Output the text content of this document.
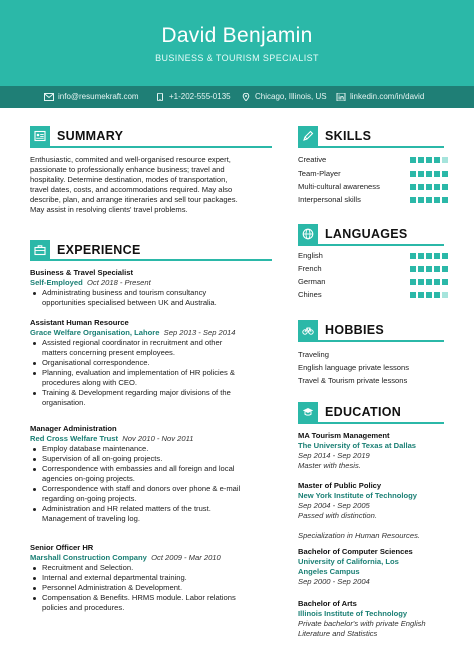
David Benjamin
BUSINESS & TOURISM SPECIALIST
info@resumekraft.com	+1-202-555-0135	Chicago, Illinois, US	linkedin.com/in/david
SUMMARY
Enthusiastic, commited and well-organised resource expert,
passionate to professionally enhance business; travel and
hospitality. Determine destination, modes of transportation,
travel dates, costs, and accommodations required. May also
describe, plan, and arrange itineraries and sell tour packages.
May assist in resolving clients' travel problems.
EXPERIENCE
Business & Travel Specialist
Self-Employed Oct 2018 - Present
Administrating business and tourism consultancy
opportunities specialised between UK and Australia.
Assistant Human Resource
Grace Welfare Organisation, Lahore Sep 2013 - Sep 2014
Assisted regional coordinator in recruitment and other
matters concerning present employees.
Organisational correspondence.
Planning, evaluation and implementation of HR policies &
procedures along with CEO.
Training & Development regarding major divisions of the
organisation.
Manager Administration
Red Cross Welfare Trust Nov 2010 - Nov 2011
Employ database maintenance.
Supervision of all on-going projects.
Correspondence with embassies and all foreign and local
agencies on-going projects.
Correspondence with staff and donors over phone & e-mail
regarding on-going projects.
Administration and HR related matters of the trust.
Management of traveling log.
Senior Officer HR
Marshall Construction Company Oct 2009 - Mar 2010
Recruitment and Selection.
Internal and external departmental training.
Personnel Administration & Development.
Compensation & Benefits. HRMS module. Labor relations
policies and procedures.
SKILLS
Creative
Team-Player
Multi-cultural awareness
Interpersonal skills
LANGUAGES
English
French
German
Chines
HOBBIES
Traveling
English language private lessons
Travel & Tourism private lessons
EDUCATION
MA Tourism Management
The University of Texas at Dallas
Sep 2014 - Sep 2019
Master with thesis.
Master of Public Policy
New York Institute of Technology
Sep 2004 - Sep 2005
Passed with distinction.
Specialization in Human Resources.
Bachelor of Computer Sciences
University of California, Los
Angeles Campus
Sep 2000 - Sep 2004
Bachelor of Arts
Illinois Institute of Technology
Private bachelor's with private English
Literature and Statistics
